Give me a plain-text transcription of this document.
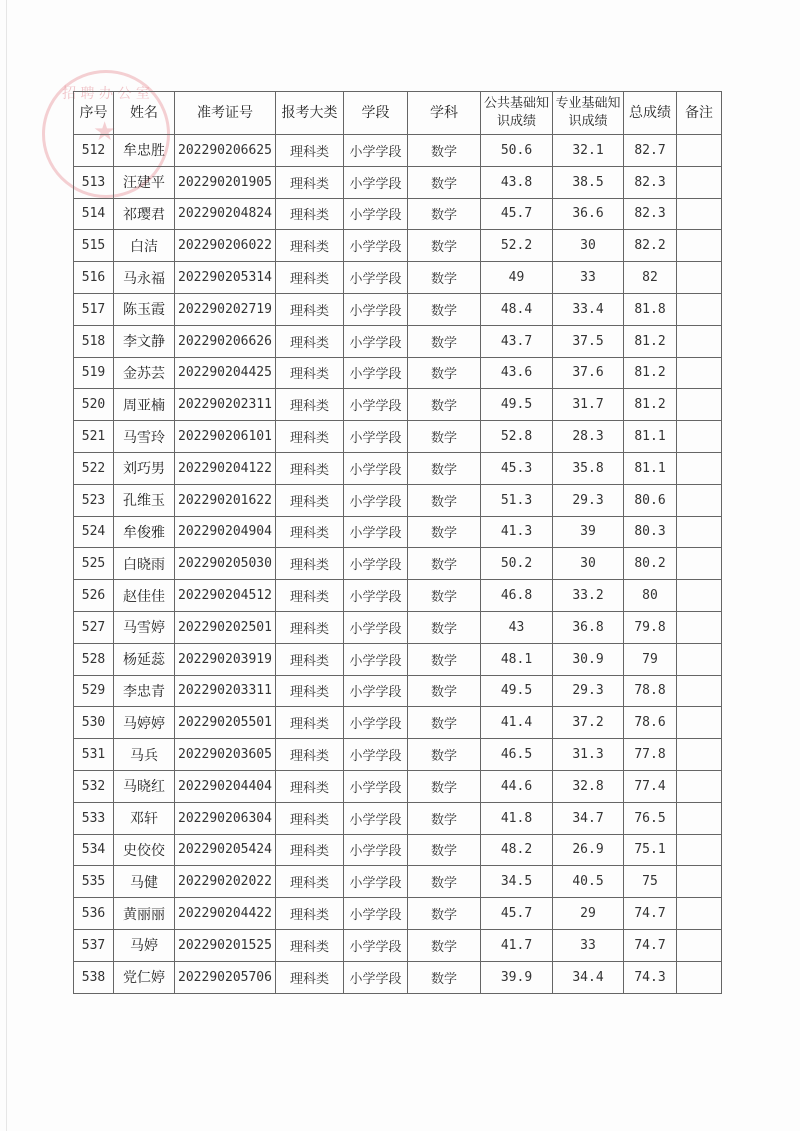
招 聘 办 公 室
★
序号	姓名	准考证号	报考大类	学段	学科	公共基础知识成绩	专业基础知识成绩	总成绩	备注
512	牟忠胜	202290206625	理科类	小学学段	数学	50.6	32.1	82.7	
513	汪建平	202290201905	理科类	小学学段	数学	43.8	38.5	82.3	
514	祁璎君	202290204824	理科类	小学学段	数学	45.7	36.6	82.3	
515	白洁	202290206022	理科类	小学学段	数学	52.2	30	82.2	
516	马永福	202290205314	理科类	小学学段	数学	49	33	82	
517	陈玉霞	202290202719	理科类	小学学段	数学	48.4	33.4	81.8	
518	李文静	202290206626	理科类	小学学段	数学	43.7	37.5	81.2	
519	金苏芸	202290204425	理科类	小学学段	数学	43.6	37.6	81.2	
520	周亚楠	202290202311	理科类	小学学段	数学	49.5	31.7	81.2	
521	马雪玲	202290206101	理科类	小学学段	数学	52.8	28.3	81.1	
522	刘巧男	202290204122	理科类	小学学段	数学	45.3	35.8	81.1	
523	孔维玉	202290201622	理科类	小学学段	数学	51.3	29.3	80.6	
524	牟俊雅	202290204904	理科类	小学学段	数学	41.3	39	80.3	
525	白晓雨	202290205030	理科类	小学学段	数学	50.2	30	80.2	
526	赵佳佳	202290204512	理科类	小学学段	数学	46.8	33.2	80	
527	马雪婷	202290202501	理科类	小学学段	数学	43	36.8	79.8	
528	杨延蕊	202290203919	理科类	小学学段	数学	48.1	30.9	79	
529	李忠青	202290203311	理科类	小学学段	数学	49.5	29.3	78.8	
530	马婷婷	202290205501	理科类	小学学段	数学	41.4	37.2	78.6	
531	马兵	202290203605	理科类	小学学段	数学	46.5	31.3	77.8	
532	马晓红	202290204404	理科类	小学学段	数学	44.6	32.8	77.4	
533	邓轩	202290206304	理科类	小学学段	数学	41.8	34.7	76.5	
534	史佼佼	202290205424	理科类	小学学段	数学	48.2	26.9	75.1	
535	马健	202290202022	理科类	小学学段	数学	34.5	40.5	75	
536	黄丽丽	202290204422	理科类	小学学段	数学	45.7	29	74.7	
537	马婷	202290201525	理科类	小学学段	数学	41.7	33	74.7	
538	党仁婷	202290205706	理科类	小学学段	数学	39.9	34.4	74.3	
